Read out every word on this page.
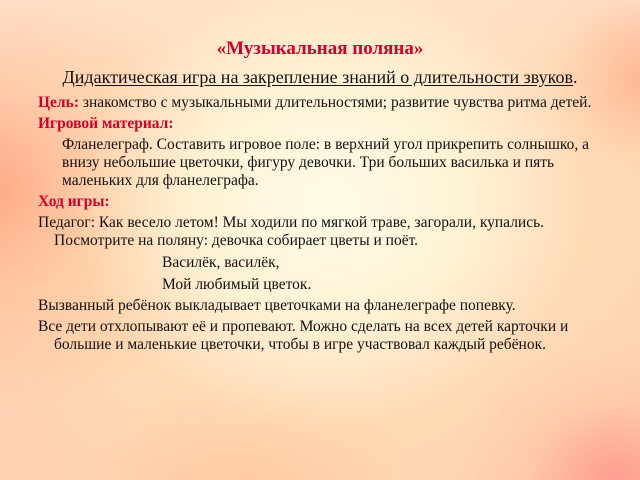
«Музыкальная поляна»
Дидактическая игра на закрепление знаний о длительности звуков.

Цель: знакомство с музыкальными длительностями; развитие чувства ритма детей.

Игровой материал:

Фланелеграф. Составить игровое поле: в верхний угол прикрепить солнышко, а внизу небольшие цветочки, фигуру девочки. Три больших василька и пять маленьких для фланелеграфа.

Ход игры:

Педагог: Как весело летом! Мы ходили по мягкой траве, загорали, купались. Посмотрите на поляну: девочка собирает цветы и поёт.

Василёк, василёк,
Мой любимый цветок.

Вызванный ребёнок выкладывает цветочками на фланелеграфе попевку.

Все дети отхлопывают её и пропевают. Можно сделать на всех детей карточки и большие и маленькие цветочки, чтобы в игре участвовал каждый ребёнок.
